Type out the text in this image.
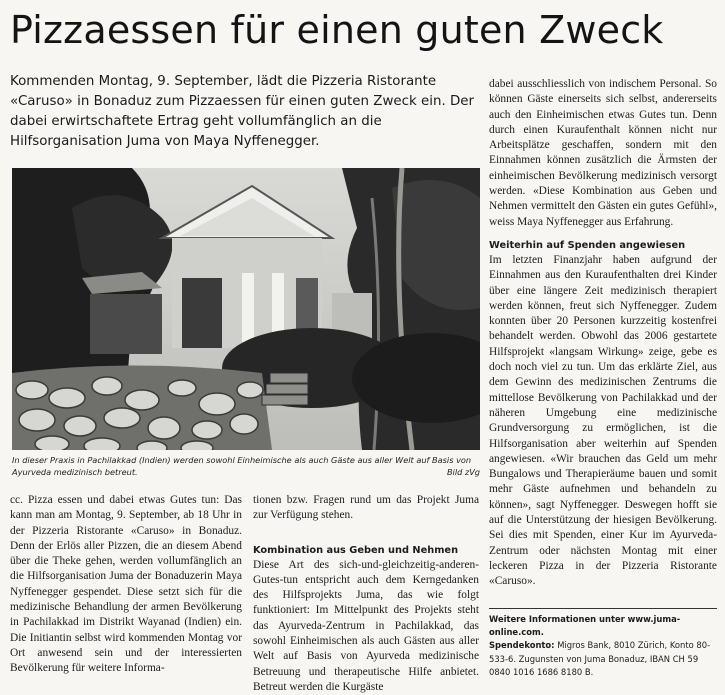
Pizzaessen für einen guten Zweck

Kommenden Montag, 9. September, lädt die Pizzeria Ristorante «Caruso» in Bonaduz zum Pizzaessen für einen guten Zweck ein. Der dabei erwirtschaftete Ertrag geht vollumfänglich an die Hilfsorganisation Juma von Maya Nyffenegger.

In dieser Praxis in Pachilakkad (Indien) werden sowohl Einheimische als auch Gäste aus aller Welt auf Basis von Ayurveda medizinisch betreut.	Bild zVg

cc. Pizza essen und dabei etwas Gutes tun: Das kann man am Montag, 9. September, ab 18 Uhr in der Pizzeria Ristorante «Caruso» in Bonaduz. Denn der Erlös aller Pizzen, die an diesem Abend über die Theke gehen, werden vollumfänglich an die Hilfsorganisation Juma der Bonaduzerin Maya Nyffenegger gespendet. Diese setzt sich für die medizinische Behandlung der armen Bevölkerung in Pachilakkad im Distrikt Wayanad (Indien) ein. Die Initiantin selbst wird kommenden Montag vor Ort anwesend sein und der interessierten Bevölkerung für weitere Informa-

tionen bzw. Fragen rund um das Projekt Juma zur Verfügung stehen.

Kombination aus Geben und Nehmen

Diese Art des sich-und-gleichzeitig-anderen-Gutes-tun entspricht auch dem Kerngedanken des Hilfsprojekts Juma, das wie folgt funktioniert: Im Mittelpunkt des Projekts steht das Ayurveda-Zentrum in Pachilakkad, das sowohl Einheimischen als auch Gästen aus aller Welt auf Basis von Ayurveda medizinische Betreuung und therapeutische Hilfe anbietet. Betreut werden die Kurgäste

dabei ausschliesslich von indischem Personal. So können Gäste einerseits sich selbst, andererseits auch den Einheimischen etwas Gutes tun. Denn durch einen Kuraufenthalt können nicht nur Arbeitsplätze geschaffen, sondern mit den Einnahmen können zusätzlich die Ärmsten der einheimischen Bevölkerung medizinisch versorgt werden. «Diese Kombination aus Geben und Nehmen vermittelt den Gästen ein gutes Gefühl», weiss Maya Nyffenegger aus Erfahrung.

Weiterhin auf Spenden angewiesen

Im letzten Finanzjahr haben aufgrund der Einnahmen aus den Kuraufenthalten drei Kinder über eine längere Zeit medizinisch therapiert werden können, freut sich Nyffenegger. Zudem konnten über 20 Personen kurzzeitig kostenfrei behandelt werden. Obwohl das 2006 gestartete Hilfsprojekt «langsam Wirkung» zeige, gebe es doch noch viel zu tun. Um das erklärte Ziel, aus dem Gewinn des medizinischen Zentrums die mittellose Bevölkerung von Pachilakkad und der näheren Umgebung eine medizinische Grundversorgung zu ermöglichen, ist die Hilfsorganisation aber weiterhin auf Spenden angewiesen. «Wir brauchen das Geld um mehr Bungalows und Therapieräume bauen und somit mehr Gäste aufnehmen und behandeln zu können», sagt Nyffenegger. Deswegen hofft sie auf die Unterstützung der hiesigen Bevölkerung. Sei dies mit Spenden, einer Kur im Ayurveda-Zentrum oder nächsten Montag mit einer leckeren Pizza in der Pizzeria Ristorante «Caruso».

Weitere Informationen unter www.juma-online.com.
Spendekonto: Migros Bank, 8010 Zürich, Konto 80-533-6. Zugunsten von Juma Bonaduz, IBAN CH 59 0840 1016 1686 8180 B.
